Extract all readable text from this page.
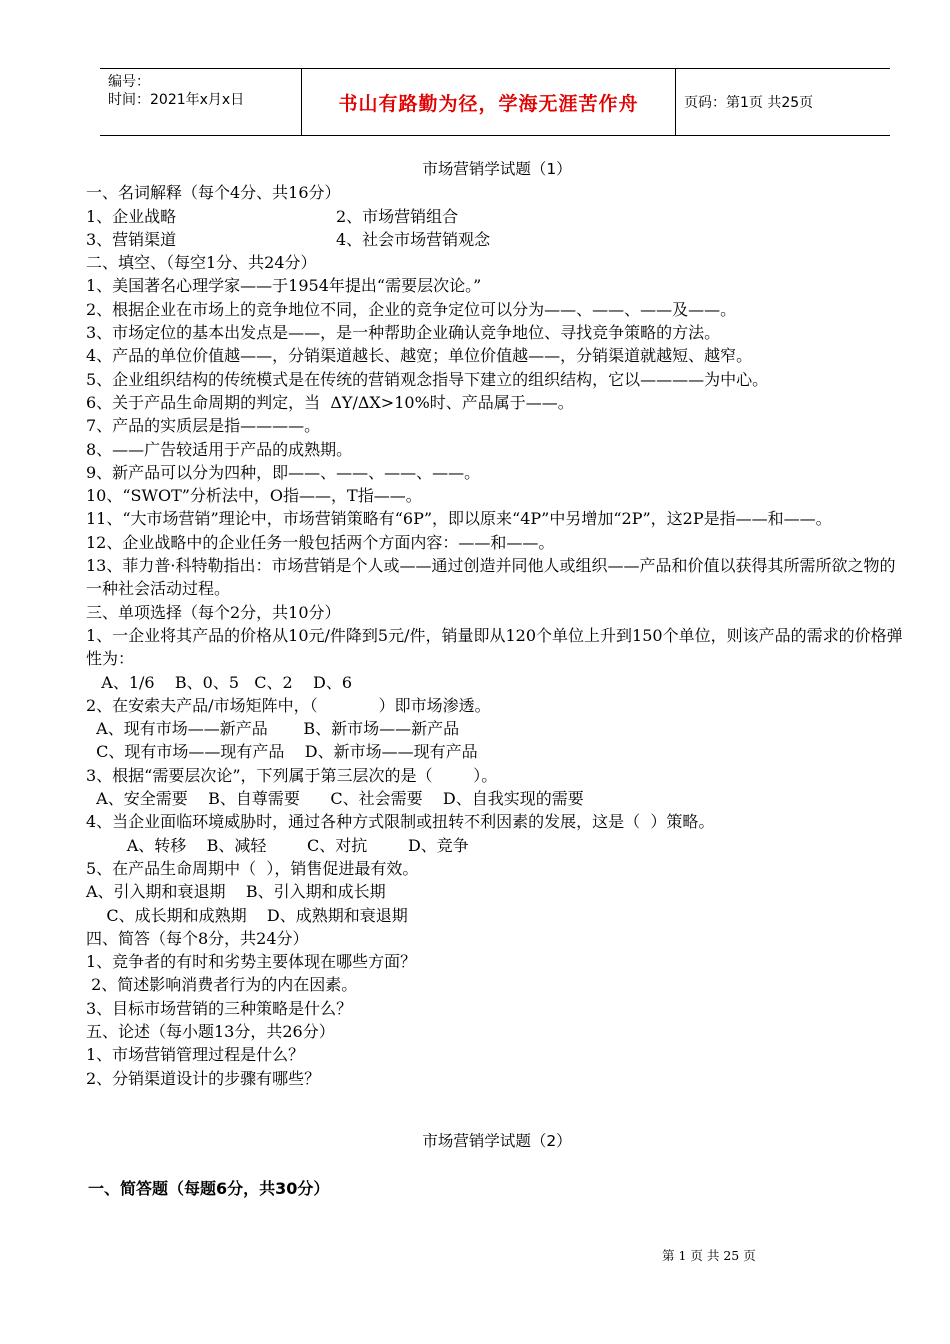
编号：
时间：2021年x月x日	书山有路勤为径，学海无涯苦作舟	页码：第1页 共25页
市场营销学试题（1）
一、名词解释（每个4分、共16分）
1、企业战略	2、市场营销组合
3、营销渠道	4、社会市场营销观念
二、填空、（每空1分、共24分）
1、美国著名心理学家——于1954年提出“需要层次论。”
2、根据企业在市场上的竞争地位不同，企业的竞争定位可以分为——、——、——及——。
3、市场定位的基本出发点是——，是一种帮助企业确认竞争地位、寻找竞争策略的方法。
4、产品的单位价值越——，分销渠道越长、越宽；单位价值越——，分销渠道就越短、越窄。
5、企业组织结构的传统模式是在传统的营销观念指导下建立的组织结构，它以————为中心。
6、关于产品生命周期的判定，当  ΔY/ΔX>10%时、产品属于——。
7、产品的实质层是指————。
8、——广告较适用于产品的成熟期。
9、新产品可以分为四种，即——、——、——、——。
10、“SWOT”分析法中，O指——，T指——。
11、“大市场营销”理论中，市场营销策略有“6P”，即以原来“4P”中另增加“2P”，这2P是指——和——。
12、企业战略中的企业任务一般包括两个方面内容：——和——。
13、菲力普·科特勒指出：市场营销是个人或——通过创造并同他人或组织——产品和价值以获得其所需所欲之物的一种社会活动过程。
三、单项选择（每个2分，共10分）
1、一企业将其产品的价格从10元/件降到5元/件，销量即从120个单位上升到150个单位，则该产品的需求的价格弹性为：
A、1/6    B、0、5   C、2    D、6
2、在安索夫产品/市场矩阵中，（            ）即市场渗透。
A、现有市场——新产品       B、新市场——新产品
C、现有市场——现有产品    D、新市场——现有产品
3、根据“需要层次论”，下列属于第三层次的是（        ）。
A、安全需要    B、自尊需要      C、社会需要    D、自我实现的需要
4、当企业面临环境威胁时，通过各种方式限制或扭转不利因素的发展，这是（  ）策略。
A、转移    B、减轻        C、对抗        D、竞争
5、在产品生命周期中（  ），销售促进最有效。
A、引入期和衰退期    B、引入期和成长期
C、成长期和成熟期    D、成熟期和衰退期
四、简答（每个8分，共24分）
1、竞争者的有时和劣势主要体现在哪些方面？
2、简述影响消费者行为的内在因素。
3、目标市场营销的三种策略是什么？
五、论述（每小题13分，共26分）
1、市场营销管理过程是什么？
2、分销渠道设计的步骤有哪些？
市场营销学试题（2）
一、简答题（每题6分，共30分）
第 1 页 共 25 页
